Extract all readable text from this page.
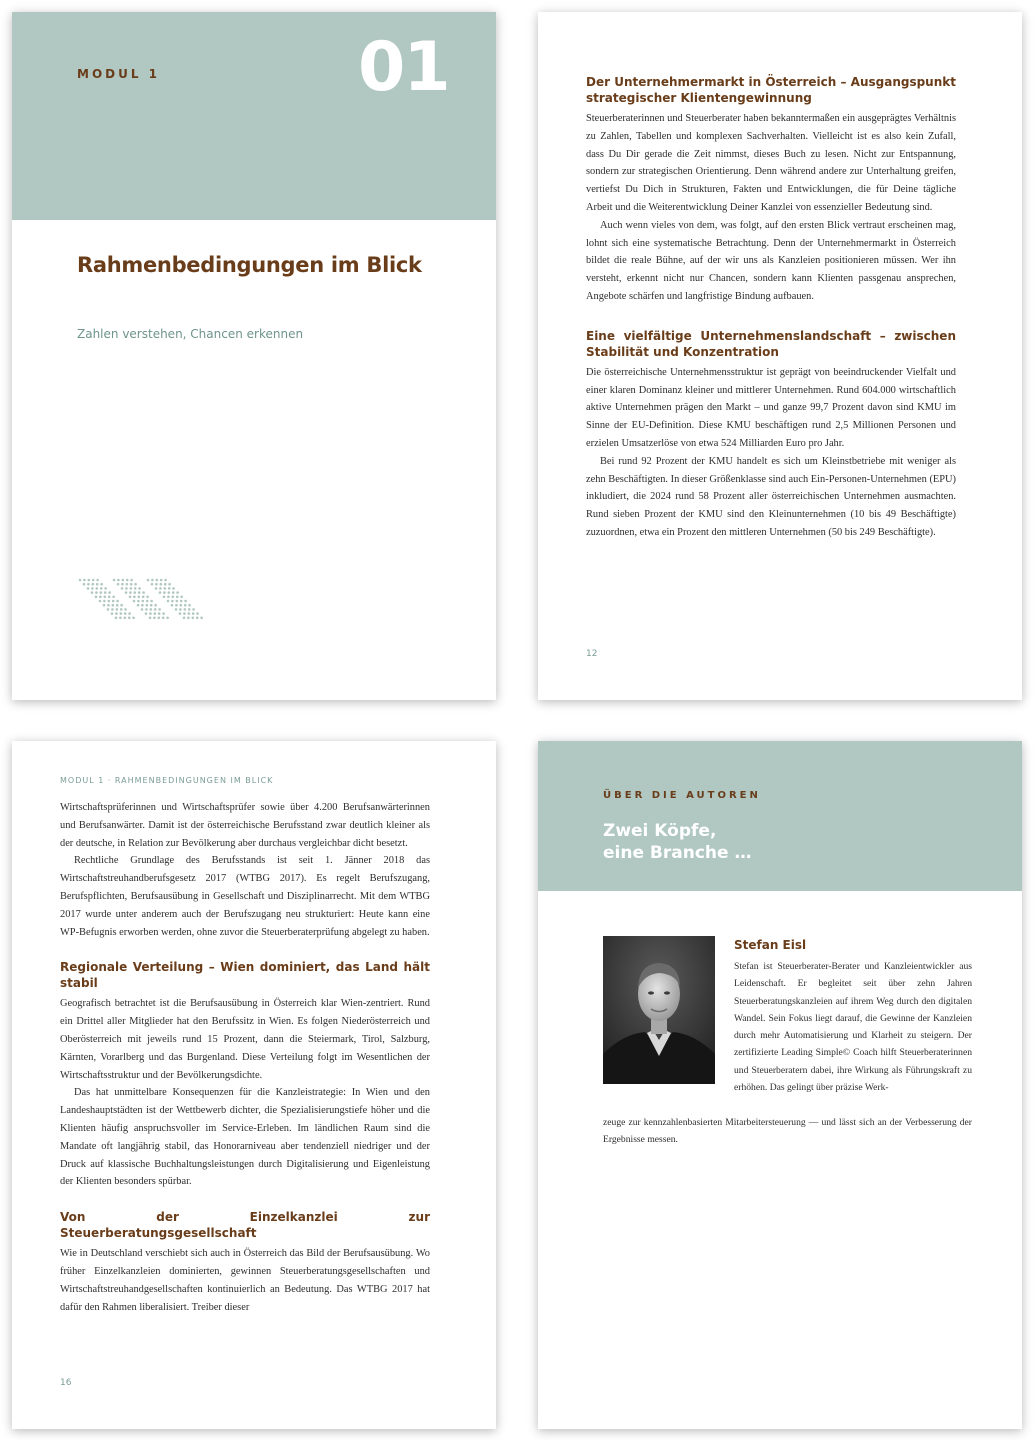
MODUL 1	01
Rahmenbedingungen im Blick
Zahlen verstehen, Chancen erkennen
Der Unternehmermarkt in Österreich – Ausgangspunkt strategischer Klientengewinnung

Steuerberaterinnen und Steuerberater haben bekanntermaßen ein ausgeprägtes Verhältnis zu Zahlen, Tabellen und komplexen Sachverhalten. Vielleicht ist es also kein Zufall, dass Du Dir gerade die Zeit nimmst, dieses Buch zu lesen. Nicht zur Entspannung, sondern zur strategischen Orientierung. Denn während andere zur Unterhaltung greifen, vertiefst Du Dich in Strukturen, Fakten und Entwicklungen, die für Deine tägliche Arbeit und die Weiterentwicklung Deiner Kanzlei von essenzieller Bedeutung sind.

Auch wenn vieles von dem, was folgt, auf den ersten Blick vertraut erscheinen mag, lohnt sich eine systematische Betrachtung. Denn der Unternehmermarkt in Österreich bildet die reale Bühne, auf der wir uns als Kanzleien positionieren müssen. Wer ihn versteht, erkennt nicht nur Chancen, sondern kann Klienten passgenau ansprechen, Angebote schärfen und langfristige Bindung aufbauen.

Eine vielfältige Unternehmenslandschaft – zwischen Stabilität und Konzentration

Die österreichische Unternehmensstruktur ist geprägt von beeindruckender Vielfalt und einer klaren Dominanz kleiner und mittlerer Unternehmen. Rund 604.000 wirtschaftlich aktive Unternehmen prägen den Markt – und ganze 99,7 Prozent davon sind KMU im Sinne der EU-Definition. Diese KMU beschäftigen rund 2,5 Millionen Personen und erzielen Umsatzerlöse von etwa 524 Milliarden Euro pro Jahr.

Bei rund 92 Prozent der KMU handelt es sich um Kleinstbetriebe mit weniger als zehn Beschäftigten. In dieser Größenklasse sind auch Ein-Personen-Unternehmen (EPU) inkludiert, die 2024 rund 58 Prozent aller österreichischen Unternehmen ausmachten. Rund sieben Prozent der KMU sind den Kleinunternehmen (10 bis 49 Beschäftigte) zuzuordnen, etwa ein Prozent den mittleren Unternehmen (50 bis 249 Beschäftigte).

12
MODUL 1 · RAHMENBEDINGUNGEN IM BLICK

Wirtschaftsprüferinnen und Wirtschaftsprüfer sowie über 4.200 Berufsanwärterinnen und Berufsanwärter. Damit ist der österreichische Berufsstand zwar deutlich kleiner als der deutsche, in Relation zur Bevölkerung aber durchaus vergleichbar dicht besetzt.

Rechtliche Grundlage des Berufsstands ist seit 1. Jänner 2018 das Wirtschaftstreuhandberufsgesetz 2017 (WTBG 2017). Es regelt Berufszugang, Berufspflichten, Berufsausübung in Gesellschaft und Disziplinarrecht. Mit dem WTBG 2017 wurde unter anderem auch der Berufszugang neu strukturiert: Heute kann eine WP-Befugnis erworben werden, ohne zuvor die Steuerberaterprüfung abgelegt zu haben.

Regionale Verteilung – Wien dominiert, das Land hält stabil

Geografisch betrachtet ist die Berufsausübung in Österreich klar Wien-zentriert. Rund ein Drittel aller Mitglieder hat den Berufssitz in Wien. Es folgen Niederösterreich und Oberösterreich mit jeweils rund 15 Prozent, dann die Steiermark, Tirol, Salzburg, Kärnten, Vorarlberg und das Burgenland. Diese Verteilung folgt im Wesentlichen der Wirtschaftsstruktur und der Bevölkerungsdichte.

Das hat unmittelbare Konsequenzen für die Kanzleistrategie: In Wien und den Landeshauptstädten ist der Wettbewerb dichter, die Spezialisierungstiefe höher und die Klienten häufig anspruchsvoller im Service-Erleben. Im ländlichen Raum sind die Mandate oft langjährig stabil, das Honorarniveau aber tendenziell niedriger und der Druck auf klassische Buchhaltungsleistungen durch Digitalisierung und Eigenleistung der Klienten besonders spürbar.

Von der Einzelkanzlei zur Steuerberatungsgesellschaft

Wie in Deutschland verschiebt sich auch in Österreich das Bild der Berufsausübung. Wo früher Einzelkanzleien dominierten, gewinnen Steuerberatungsgesellschaften und Wirtschaftstreuhandgesellschaften kontinuierlich an Bedeutung. Das WTBG 2017 hat dafür den Rahmen liberalisiert. Treiber dieser

16
ÜBER DIE AUTOREN
Zwei Köpfe,
eine Branche …
Stefan Eisl
Stefan ist Steuerberater-Berater und Kanzleientwickler aus Leidenschaft. Er begleitet seit über zehn Jahren Steuerberatungskanzleien auf ihrem Weg durch den digitalen Wandel. Sein Fokus liegt darauf, die Gewinne der Kanzleien durch mehr Automatisierung und Klarheit zu steigern. Der zertifizierte Leading Simple© Coach hilft Steuerberaterinnen und Steuerberatern dabei, ihre Wirkung als Führungskraft zu erhöhen. Das gelingt über präzise Werk-
zeuge zur kennzahlenbasierten Mitarbeitersteuerung — und lässt sich an der Verbesserung der Ergebnisse messen.
